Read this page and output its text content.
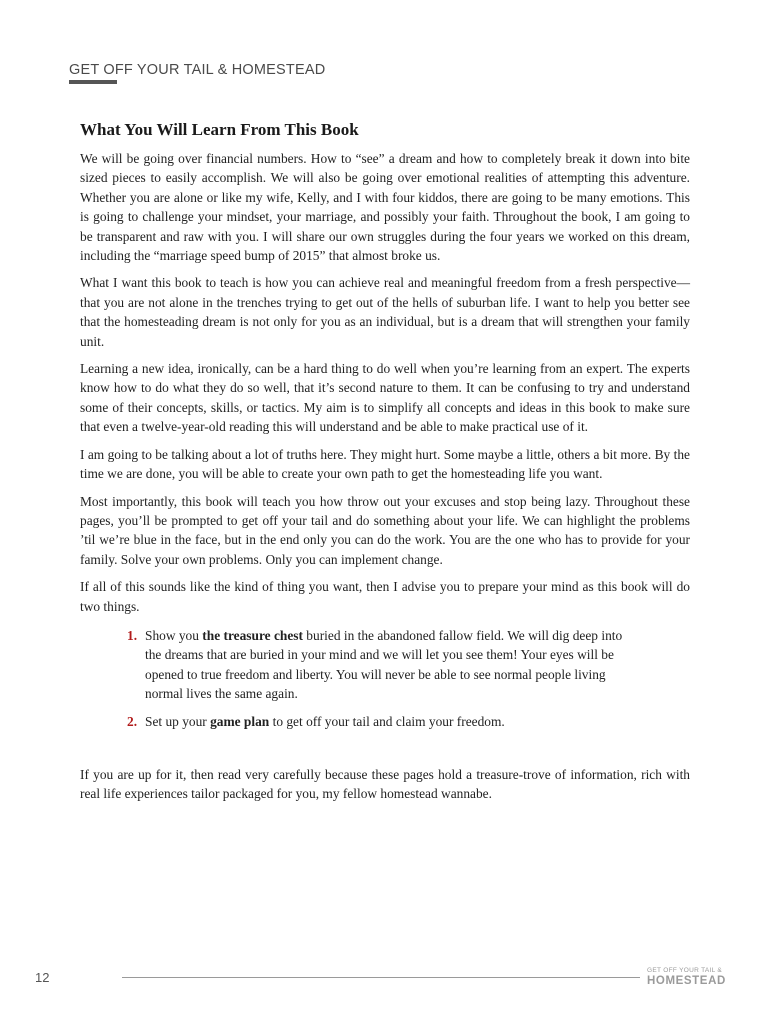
GET OFF YOUR TAIL & HOMESTEAD
What You Will Learn From This Book

We will be going over financial numbers. How to “see” a dream and how to completely break it down into bite sized pieces to easily accomplish. We will also be going over emotional realities of attempting this adventure. Whether you are alone or like my wife, Kelly, and I with four kiddos, there are going to be many emotions. This is going to challenge your mindset, your marriage, and possibly your faith. Throughout the book, I am going to be transparent and raw with you. I will share our own struggles during the four years we worked on this dream, including the “marriage speed bump of 2015” that almost broke us.

What I want this book to teach is how you can achieve real and meaningful freedom from a fresh perspective—that you are not alone in the trenches trying to get out of the hells of suburban life. I want to help you better see that the homesteading dream is not only for you as an individual, but is a dream that will strengthen your family unit.

Learning a new idea, ironically, can be a hard thing to do well when you’re learning from an expert. The experts know how to do what they do so well, that it’s second nature to them. It can be confusing to try and understand some of their concepts, skills, or tactics. My aim is to simplify all concepts and ideas in this book to make sure that even a twelve-year-old reading this will understand and be able to make practical use of it.

I am going to be talking about a lot of truths here. They might hurt. Some maybe a little, others a bit more. By the time we are done, you will be able to create your own path to get the homesteading life you want.

Most importantly, this book will teach you how throw out your excuses and stop being lazy. Throughout these pages, you’ll be prompted to get off your tail and do something about your life. We can highlight the problems ’til we’re blue in the face, but in the end only you can do the work. You are the one who has to provide for your family. Solve your own problems. Only you can implement change.

If all of this sounds like the kind of thing you want, then I advise you to prepare your mind as this book will do two things.

1. Show you the treasure chest buried in the abandoned fallow field. We will dig deep into the dreams that are buried in your mind and we will let you see them! Your eyes will be opened to true freedom and liberty. You will never be able to see normal people living normal lives the same again.
2. Set up your game plan to get off your tail and claim your freedom.

If you are up for it, then read very carefully because these pages hold a treasure-trove of information, rich with real life experiences tailor packaged for you, my fellow homestead wannabe.

12	GET OFF YOUR TAIL &
HOMESTEAD
